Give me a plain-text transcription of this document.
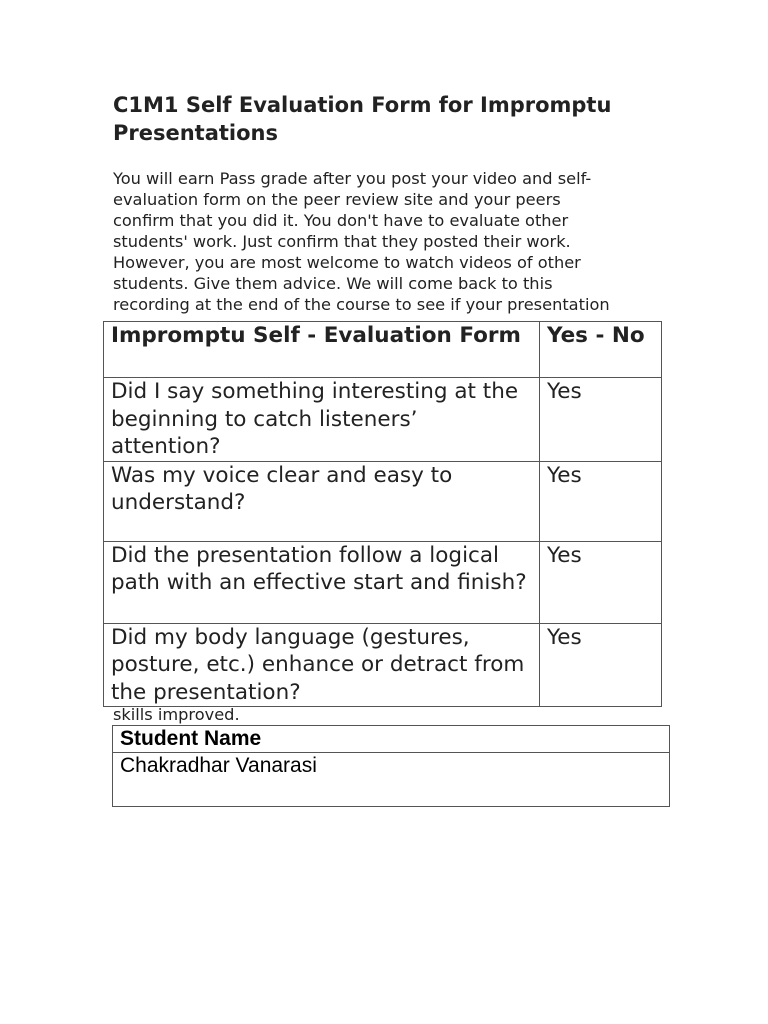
C1M1 Self Evaluation Form for Impromptu Presentations

You will earn Pass grade after you post your video and self-
evaluation form on the peer review site and your peers
confirm that you did it. You don't have to evaluate other
students' work. Just confirm that they posted their work.
However, you are most welcome to watch videos of other
students. Give them advice. We will come back to this
recording at the end of the course to see if your presentation

Impromptu Self - Evaluation Form	Yes - No
Did I say something interesting at the beginning to catch listeners’ attention?	Yes
Was my voice clear and easy to understand?	Yes
Did the presentation follow a logical path with an effective start and finish?	Yes
Did my body language (gestures, posture, etc.) enhance or detract from the presentation?	Yes

skills improved.

Student Name
Chakradhar Vanarasi
